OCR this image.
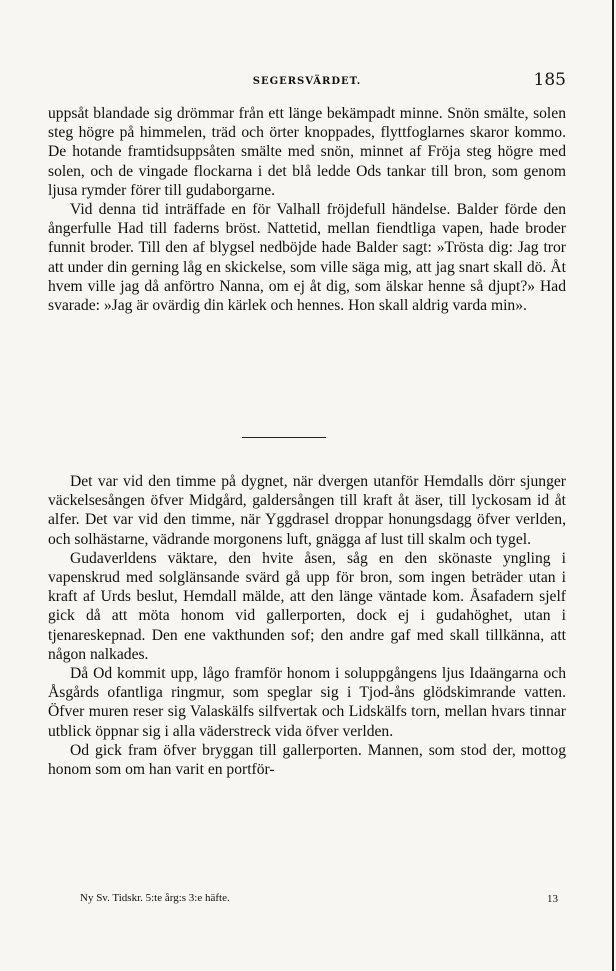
SEGERSVÄRDET.	185

uppsåt blandade sig drömmar från ett länge bekämpadt minne. Snön smälte, solen steg högre på himmelen, träd och örter knoppades, flyttfoglarnes skaror kommo. De hotande framtidsuppsåten smälte med snön, minnet af Fröja steg högre med solen, och de vingade flockarna i det blå ledde Ods tankar till bron, som genom ljusa rymder förer till gudaborgarne.

Vid denna tid inträffade en för Valhall fröjdefull händelse. Balder förde den ångerfulle Had till faderns bröst. Nattetid, mellan fiendtliga vapen, hade broder funnit broder. Till den af blygsel nedböjde hade Balder sagt: »Trösta dig: Jag tror att under din gerning låg en skickelse, som ville säga mig, att jag snart skall dö. Åt hvem ville jag då anförtro Nanna, om ej åt dig, som älskar henne så djupt?» Had svarade: »Jag är ovärdig din kärlek och hennes. Hon skall aldrig varda min».

Det var vid den timme på dygnet, när dvergen utanför Hemdalls dörr sjunger väckelsesången öfver Midgård, galdersången till kraft åt äser, till lyckosam id åt alfer. Det var vid den timme, när Yggdrasel droppar honungsdagg öfver verlden, och solhästarne, vädrande morgonens luft, gnägga af lust till skalm och tygel.

Gudaverldens väktare, den hvite åsen, såg en den skönaste yngling i vapenskrud med solglänsande svärd gå upp för bron, som ingen beträder utan i kraft af Urds beslut, Hemdall mälde, att den länge väntade kom. Åsafadern sjelf gick då att möta honom vid gallerporten, dock ej i gudahöghet, utan i tjenareskepnad. Den ene vakthunden sof; den andre gaf med skall tillkänna, att någon nalkades.

Då Od kommit upp, lågo framför honom i soluppgångens ljus Idaängarna och Åsgårds ofantliga ringmur, som speglar sig i Tjod-åns glödskimrande vatten. Öfver muren reser sig Valaskälfs silfvertak och Lidskälfs torn, mellan hvars tinnar utblick öppnar sig i alla väderstreck vida öfver verlden.

Od gick fram öfver bryggan till gallerporten. Mannen, som stod der, mottog honom som om han varit en portför-

Ny Sv. Tidskr. 5:te årg:s 3:e häfte.	13
